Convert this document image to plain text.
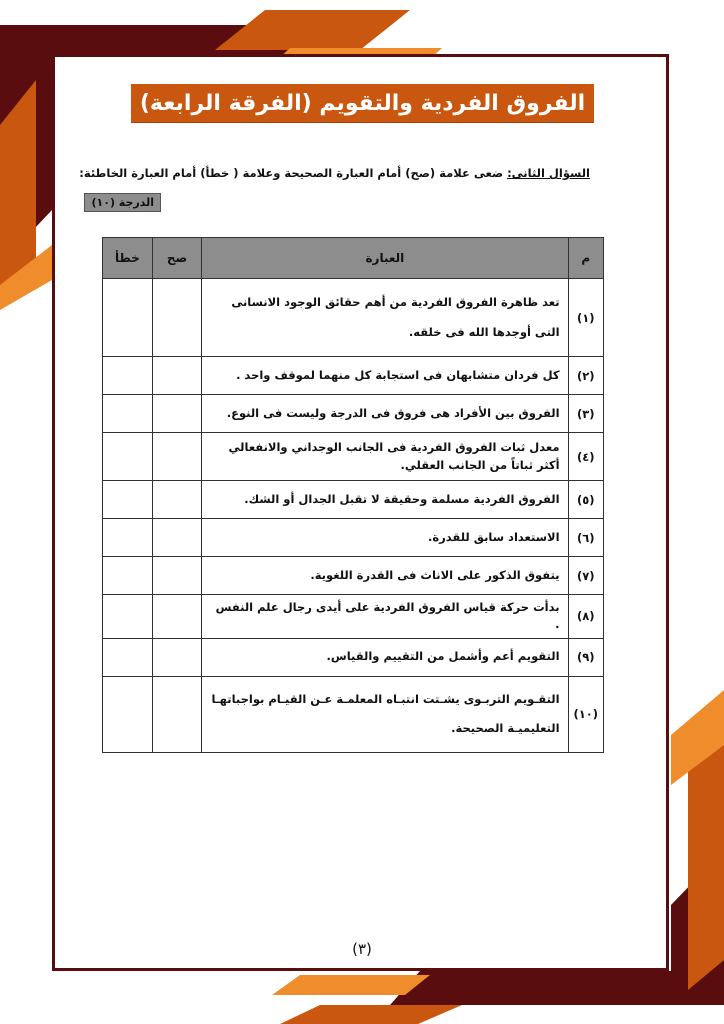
الفروق الفردية والتقويم (الفرقة الرابعة)
السؤال الثانى: ضعى علامة (صح) أمام العبارة الصحيحة وعلامة ( خطأ) أمام العبارة الخاطئة:
الدرجة (١٠)
م	العبارة	صح	خطأ
(١)	تعد ظاهرة الفروق الفردية من أهم حقائق الوجود الانسانى التى أوجدها الله فى خلقه.		
(٢)	كل فردان متشابهان فى استجابة كل منهما لموقف واحد .		
(٣)	الفروق بين الأفراد هى فروق فى الدرجة وليست فى النوع.		
(٤)	معدل ثبات الفروق الفردية فى الجانب الوجداني والانفعالي أكثر ثباتاً من الجانب العقلي.		
(٥)	الفروق الفردية مسلمة وحقيقة لا تقبل الجدال أو الشك.		
(٦)	الاستعداد سابق للقدرة.		
(٧)	يتفوق الذكور على الاناث فى القدرة اللغوية.		
(٨)	بدأت حركة قياس الفروق الفردية على أيدى رجال علم النفس .		
(٩)	التقويم أعم وأشمل من التقييم والقياس.		
(١٠)	التقـويم التربـوى يشـتت انتبـاه المعلمـة عـن القيـام بواجباتهـا التعليميـة الصحيحة.		
(٣)
